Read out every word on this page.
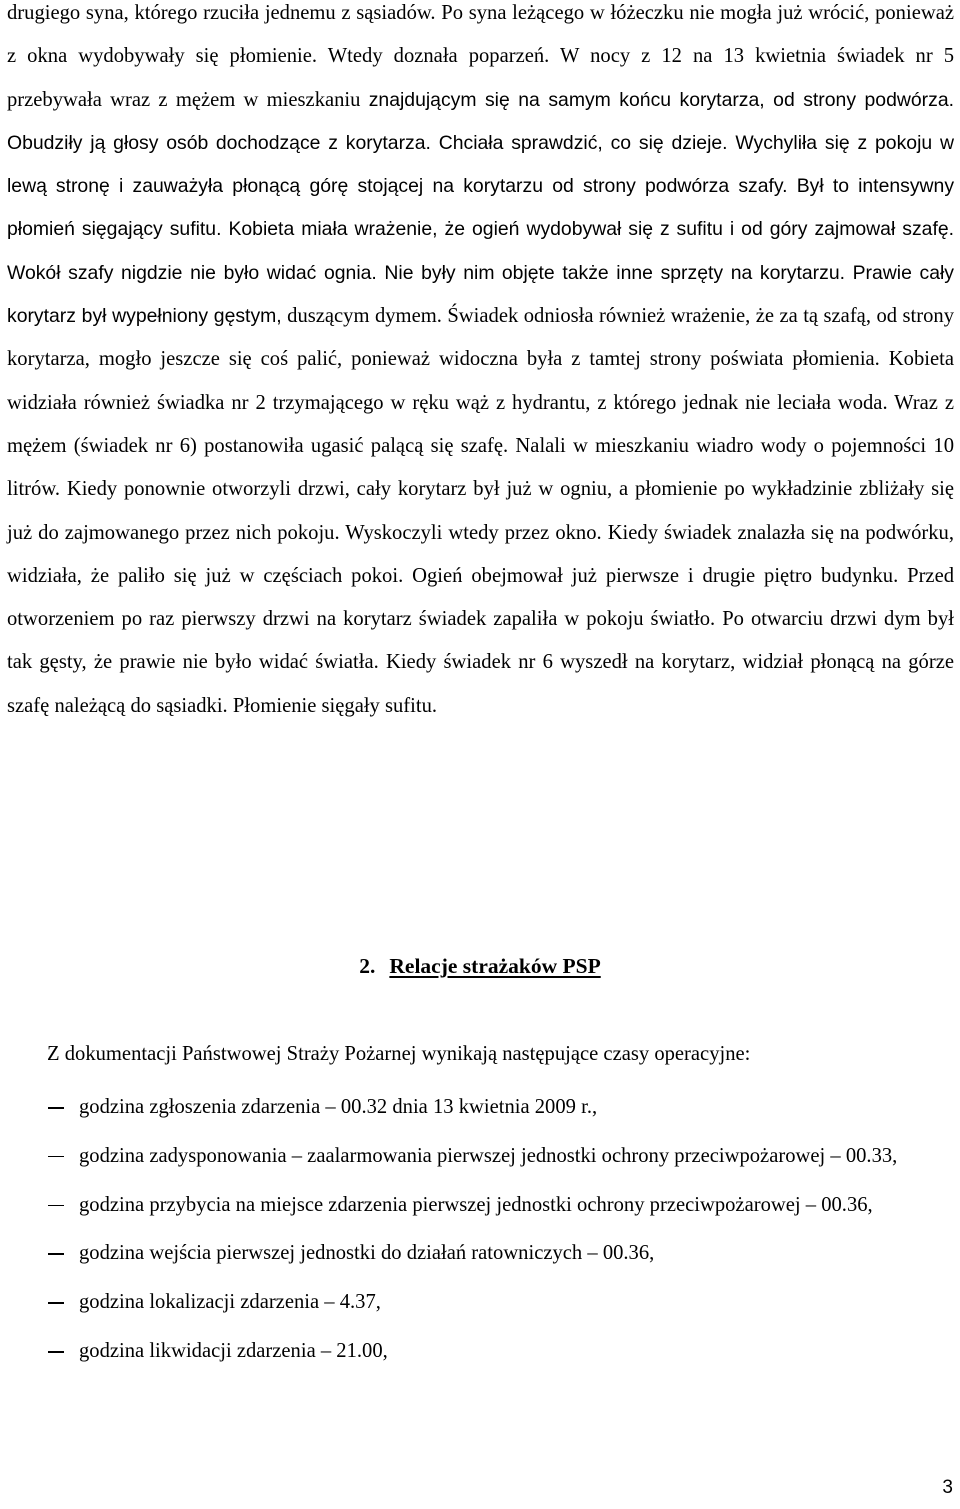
drugiego syna, którego rzuciła jednemu z sąsiadów. Po syna leżącego w łóżeczku nie mogła już wrócić, ponieważ z okna wydobywały się płomienie. Wtedy doznała poparzeń. W nocy z 12 na 13 kwietnia świadek nr 5 przebywała wraz z mężem w mieszkaniu znajdującym się na samym końcu korytarza, od strony podwórza. Obudziły ją głosy osób dochodzące z korytarza. Chciała sprawdzić, co się dzieje. Wychyliła się z pokoju w lewą stronę i zauważyła płonącą górę stojącej na korytarzu od strony podwórza szafy. Był to intensywny płomień sięgający sufitu. Kobieta miała wrażenie, że ogień wydobywał się z sufitu i od góry zajmował szafę. Wokół szafy nigdzie nie było widać ognia. Nie były nim objęte także inne sprzęty na korytarzu. Prawie cały korytarz był wypełniony gęstym, duszącym dymem. Świadek odniosła również wrażenie, że za tą szafą, od strony korytarza, mogło jeszcze się coś palić, ponieważ widoczna była z tamtej strony poświata płomienia. Kobieta widziała również świadka nr 2 trzymającego w ręku wąż z hydrantu, z którego jednak nie leciała woda. Wraz z mężem (świadek nr 6) postanowiła ugasić palącą się szafę. Nalali w mieszkaniu wiadro wody o pojemności 10 litrów. Kiedy ponownie otworzyli drzwi, cały korytarz był już w ogniu, a płomienie po wykładzinie zbliżały się już do zajmowanego przez nich pokoju. Wyskoczyli wtedy przez okno. Kiedy świadek znalazła się na podwórku, widziała, że paliło się już w częściach pokoi. Ogień obejmował już pierwsze i drugie piętro budynku. Przed otworzeniem po raz pierwszy drzwi na korytarz świadek zapaliła w pokoju światło. Po otwarciu drzwi dym był tak gęsty, że prawie nie było widać światła. Kiedy świadek nr 6 wyszedł na korytarz, widział płonącą na górze szafę należącą do sąsiadki. Płomienie sięgały sufitu.

2. Relacje strażaków PSP

Z dokumentacji Państwowej Straży Pożarnej wynikają następujące czasy operacyjne:

godzina zgłoszenia zdarzenia – 00.32 dnia 13 kwietnia 2009 r.,
godzina zadysponowania – zaalarmowania pierwszej jednostki ochrony przeciwpożarowej – 00.33,
godzina przybycia na miejsce zdarzenia pierwszej jednostki ochrony przeciwpożarowej – 00.36,
godzina wejścia pierwszej jednostki do działań ratowniczych – 00.36,
godzina lokalizacji zdarzenia – 4.37,
godzina likwidacji zdarzenia – 21.00,

3
